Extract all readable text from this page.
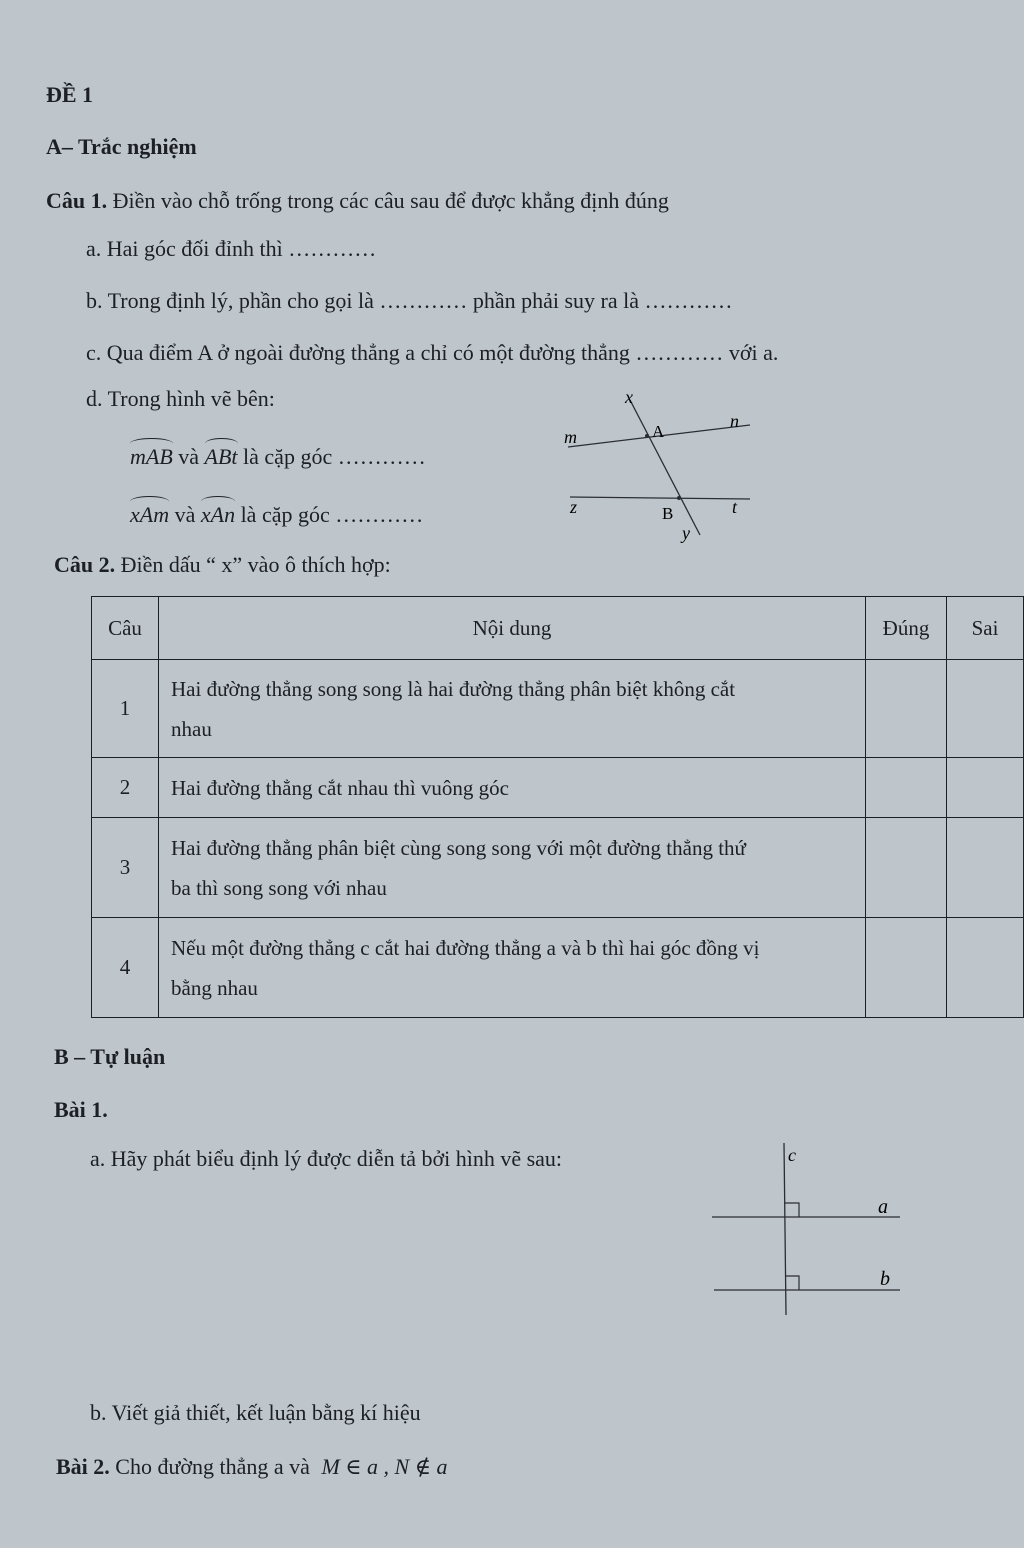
ĐỀ 1
A– Trắc nghiệm
Câu 1. Điền vào chỗ trống trong các câu sau để được khẳng định đúng
a. Hai góc đối đỉnh thì …………
b. Trong định lý, phần cho gọi là ………… phần phải suy ra là …………
c. Qua điểm A ở ngoài đường thẳng a chỉ có một đường thẳng ………… với a.
d. Trong hình vẽ bên:
mAB và ABt là cặp góc …………
xAm và xAn là cặp góc …………
x
m	A
n
z	B	t
y
Câu 2. Điền dấu “ x” vào ô thích hợp:
Câu	Nội dung	Đúng	Sai
1	Hai đường thẳng song song là hai đường thẳng phân biệt không cắt
nhau		

2	Hai đường thẳng cắt nhau thì vuông góc		

3	Hai đường thẳng phân biệt cùng song song với một đường thẳng thứ
ba thì song song với nhau		

4	Nếu một đường thẳng c cắt hai đường thẳng a và b thì hai góc đồng vị
bằng nhau		

B – Tự luận
Bài 1.
a. Hãy phát biểu định lý được diễn tả bởi hình vẽ sau:	c
a
b
b. Viết giả thiết, kết luận bằng kí hiệu
Bài 2. Cho đường thẳng a và M ∈ a , N ∉ a
